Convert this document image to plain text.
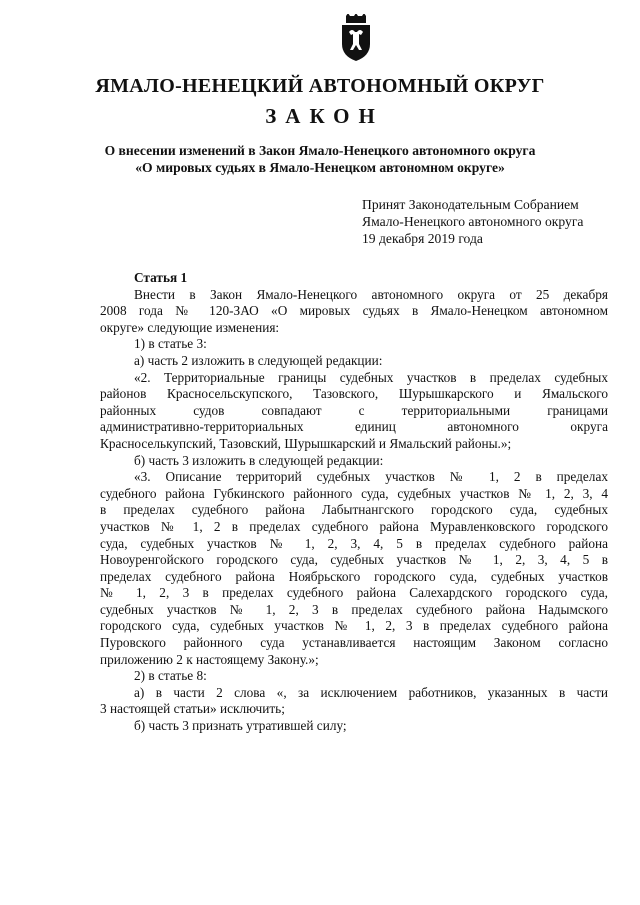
ЯМАЛО-НЕНЕЦКИЙ АВТОНОМНЫЙ ОКРУГ
ЗАКОН
О внесении изменений в Закон Ямало-Ненецкого автономного округа
«О мировых судьях в Ямало-Ненецком автономном округе»
Принят Законодательным Собранием
Ямало-Ненецкого автономного округа
19 декабря 2019 года
Статья 1
Внести в Закон Ямало-Ненецкого автономного округа от 25 декабря
2008 года № 120-ЗАО «О мировых судьях в Ямало-Ненецком автономном
округе» следующие изменения:
1) в статье 3:
а) часть 2 изложить в следующей редакции:
«2. Территориальные границы судебных участков в пределах судебных
районов Красносельскупского, Тазовского, Шурышкарского и Ямальского
районных судов совпадают с территориальными границами
административно-территориальных единиц автономного округа
Красноселькупский, Тазовский, Шурышкарский и Ямальский районы.»;
б) часть 3 изложить в следующей редакции:
«3. Описание территорий судебных участков № 1, 2 в пределах
судебного района Губкинского районного суда, судебных участков № 1, 2, 3, 4
в пределах судебного района Лабытнангского городского суда, судебных
участков № 1, 2 в пределах судебного района Муравленковского городского
суда, судебных участков № 1, 2, 3, 4, 5 в пределах судебного района
Новоуренгойского городского суда, судебных участков № 1, 2, 3, 4, 5 в
пределах судебного района Ноябрьского городского суда, судебных участков
№ 1, 2, 3 в пределах судебного района Салехардского городского суда,
судебных участков № 1, 2, 3 в пределах судебного района Надымского
городского суда, судебных участков № 1, 2, 3 в пределах судебного района
Пуровского районного суда устанавливается настоящим Законом согласно
приложению 2 к настоящему Закону.»;
2) в статье 8:
а) в части 2 слова «, за исключением работников, указанных в части
3 настоящей статьи» исключить;
б) часть 3 признать утратившей силу;
